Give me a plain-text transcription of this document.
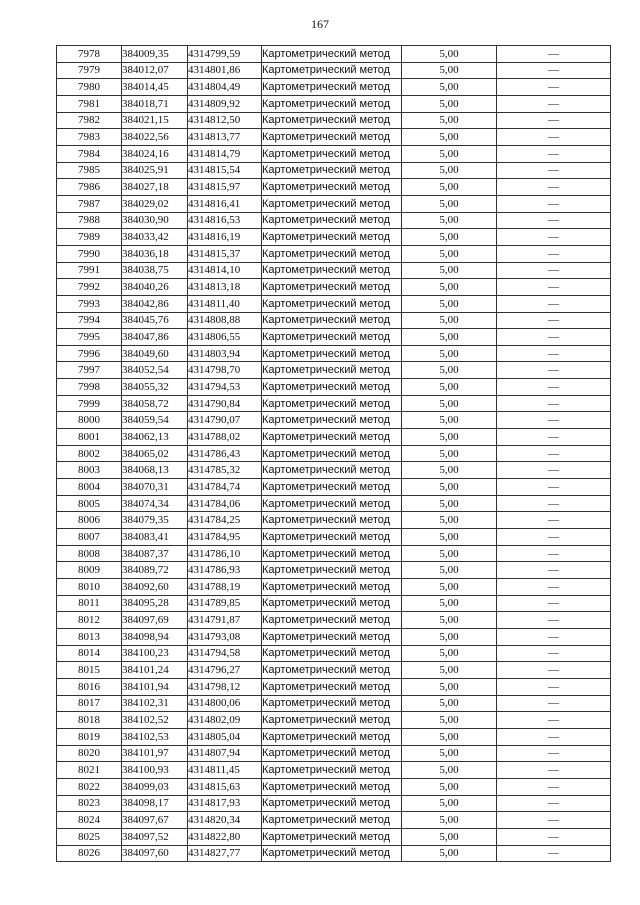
167
7978	384009,35	4314799,59	Картометрический метод	5,00	—
7979	384012,07	4314801,86	Картометрический метод	5,00	—
7980	384014,45	4314804,49	Картометрический метод	5,00	—
7981	384018,71	4314809,92	Картометрический метод	5,00	—
7982	384021,15	4314812,50	Картометрический метод	5,00	—
7983	384022,56	4314813,77	Картометрический метод	5,00	—
7984	384024,16	4314814,79	Картометрический метод	5,00	—
7985	384025,91	4314815,54	Картометрический метод	5,00	—
7986	384027,18	4314815,97	Картометрический метод	5,00	—
7987	384029,02	4314816,41	Картометрический метод	5,00	—
7988	384030,90	4314816,53	Картометрический метод	5,00	—
7989	384033,42	4314816,19	Картометрический метод	5,00	—
7990	384036,18	4314815,37	Картометрический метод	5,00	—
7991	384038,75	4314814,10	Картометрический метод	5,00	—
7992	384040,26	4314813,18	Картометрический метод	5,00	—
7993	384042,86	4314811,40	Картометрический метод	5,00	—
7994	384045,76	4314808,88	Картометрический метод	5,00	—
7995	384047,86	4314806,55	Картометрический метод	5,00	—
7996	384049,60	4314803,94	Картометрический метод	5,00	—
7997	384052,54	4314798,70	Картометрический метод	5,00	—
7998	384055,32	4314794,53	Картометрический метод	5,00	—
7999	384058,72	4314790,84	Картометрический метод	5,00	—
8000	384059,54	4314790,07	Картометрический метод	5,00	—
8001	384062,13	4314788,02	Картометрический метод	5,00	—
8002	384065,02	4314786,43	Картометрический метод	5,00	—
8003	384068,13	4314785,32	Картометрический метод	5,00	—
8004	384070,31	4314784,74	Картометрический метод	5,00	—
8005	384074,34	4314784,06	Картометрический метод	5,00	—
8006	384079,35	4314784,25	Картометрический метод	5,00	—
8007	384083,41	4314784,95	Картометрический метод	5,00	—
8008	384087,37	4314786,10	Картометрический метод	5,00	—
8009	384089,72	4314786,93	Картометрический метод	5,00	—
8010	384092,60	4314788,19	Картометрический метод	5,00	—
8011	384095,28	4314789,85	Картометрический метод	5,00	—
8012	384097,69	4314791,87	Картометрический метод	5,00	—
8013	384098,94	4314793,08	Картометрический метод	5,00	—
8014	384100,23	4314794,58	Картометрический метод	5,00	—
8015	384101,24	4314796,27	Картометрический метод	5,00	—
8016	384101,94	4314798,12	Картометрический метод	5,00	—
8017	384102,31	4314800,06	Картометрический метод	5,00	—
8018	384102,52	4314802,09	Картометрический метод	5,00	—
8019	384102,53	4314805,04	Картометрический метод	5,00	—
8020	384101,97	4314807,94	Картометрический метод	5,00	—
8021	384100,93	4314811,45	Картометрический метод	5,00	—
8022	384099,03	4314815,63	Картометрический метод	5,00	—
8023	384098,17	4314817,93	Картометрический метод	5,00	—
8024	384097,67	4314820,34	Картометрический метод	5,00	—
8025	384097,52	4314822,80	Картометрический метод	5,00	—
8026	384097,60	4314827,77	Картометрический метод	5,00	—
